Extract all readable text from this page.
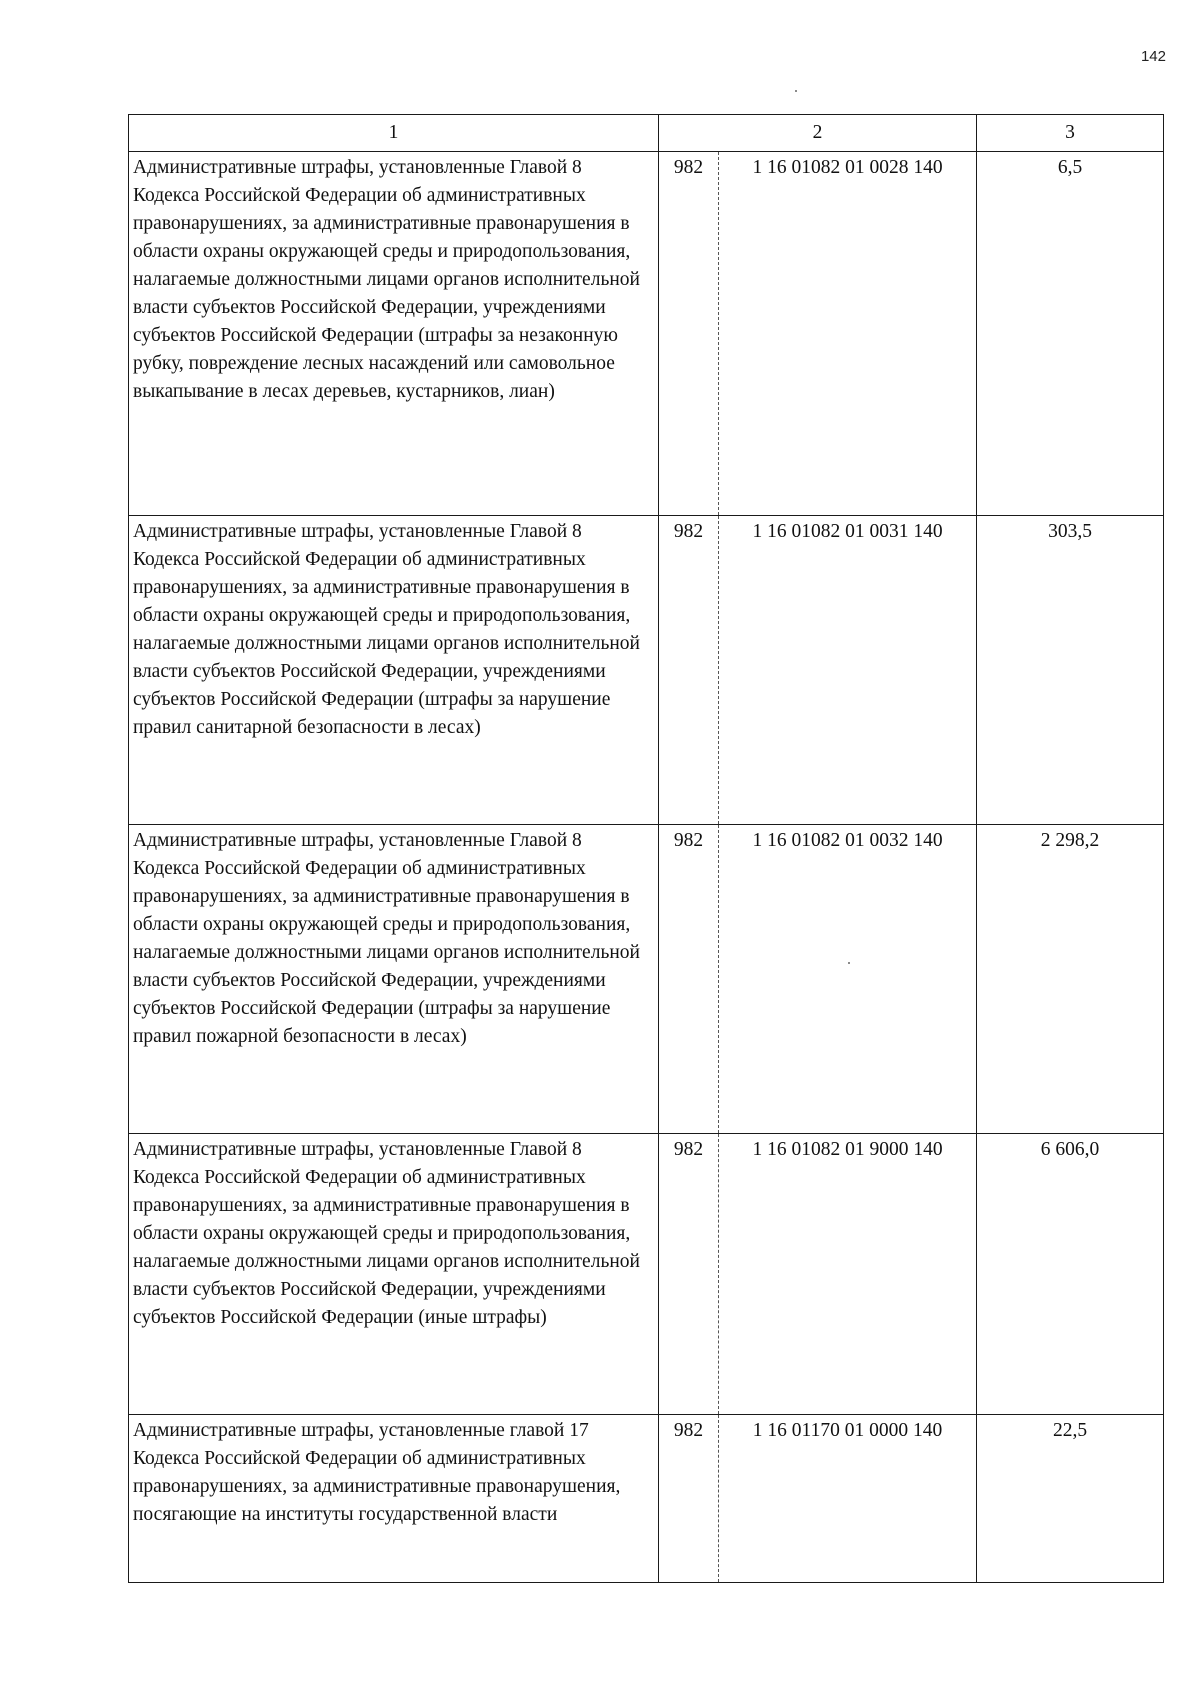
142
1	2		3
Административные штрафы, установленные Главой 8 Кодекса Российской Федерации об административных правонарушениях, за административные правонарушения в области охраны окружающей среды и природопользования, налагаемые должностными лицами органов исполнительной власти субъектов Российской Федерации, учреждениями субъектов Российской Федерации (штрафы за незаконную рубку, повреждение лесных насаждений или самовольное выкапывание в лесах деревьев, кустарников, лиан)	982	1 16 01082 01 0028 140	6,5
Административные штрафы, установленные Главой 8 Кодекса Российской Федерации об административных правонарушениях, за административные правонарушения в области охраны окружающей среды и природопользования, налагаемые должностными лицами органов исполнительной власти субъектов Российской Федерации, учреждениями субъектов Российской Федерации (штрафы за нарушение правил санитарной безопасности в лесах)	982	1 16 01082 01 0031 140	303,5
Административные штрафы, установленные Главой 8 Кодекса Российской Федерации об административных правонарушениях, за административные правонарушения в области охраны окружающей среды и природопользования, налагаемые должностными лицами органов исполнительной власти субъектов Российской Федерации, учреждениями субъектов Российской Федерации (штрафы за нарушение правил пожарной безопасности в лесах)	982	1 16 01082 01 0032 140	2 298,2
Административные штрафы, установленные Главой 8 Кодекса Российской Федерации об административных правонарушениях, за административные правонарушения в области охраны окружающей среды и природопользования, налагаемые должностными лицами органов исполнительной власти субъектов Российской Федерации, учреждениями субъектов Российской Федерации (иные штрафы)	982	1 16 01082 01 9000 140	6 606,0
Административные штрафы, установленные главой 17 Кодекса Российской Федерации об административных правонарушениях, за административные правонарушения, посягающие на институты государственной власти	982	1 16 01170 01 0000 140	22,5
